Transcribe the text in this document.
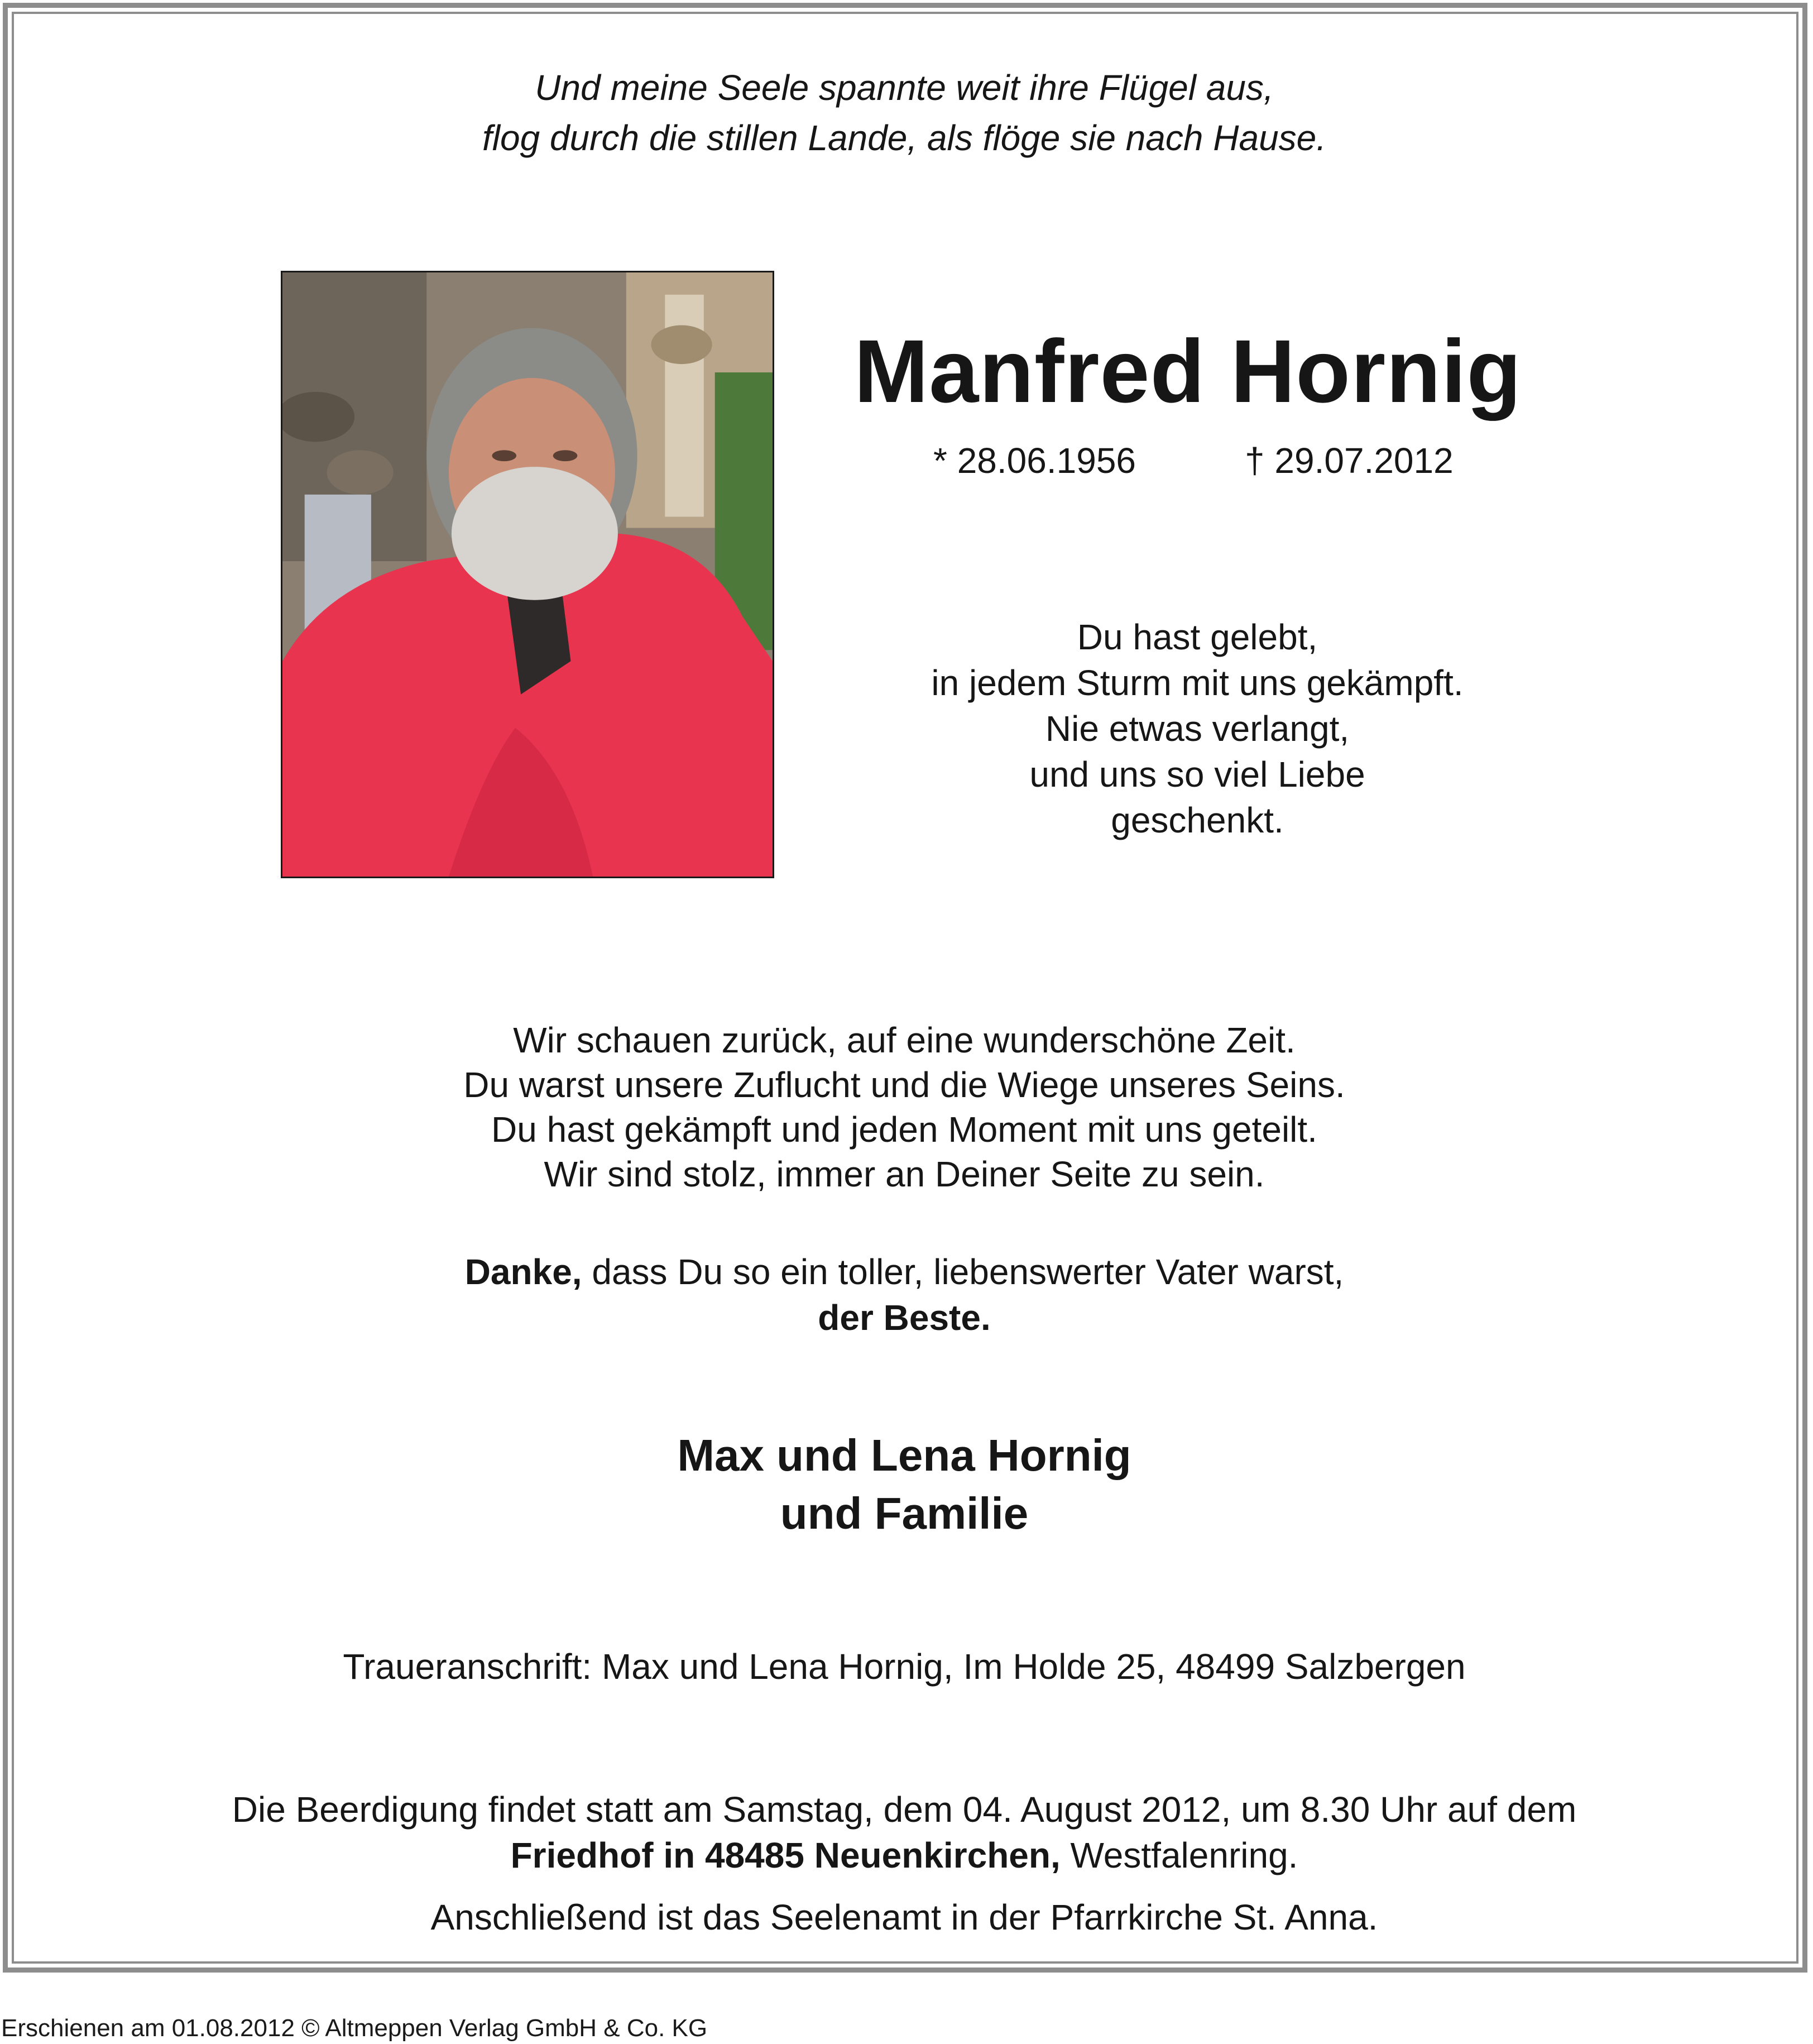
Und meine Seele spannte weit ihre Flügel aus,
flog durch die stillen Lande, als flöge sie nach Hause.
Manfred Hornig
* 28.06.1956	† 29.07.2012
Du hast gelebt,
in jedem Sturm mit uns gekämpft.
Nie etwas verlangt,
und uns so viel Liebe
geschenkt.
Wir schauen zurück, auf eine wunderschöne Zeit.
Du warst unsere Zuflucht und die Wiege unseres Seins.
Du hast gekämpft und jeden Moment mit uns geteilt.
Wir sind stolz, immer an Deiner Seite zu sein.
Danke, dass Du so ein toller, liebenswerter Vater warst,
der Beste.
Max und Lena Hornig
und Familie
Traueranschrift: Max und Lena Hornig, Im Holde 25, 48499 Salzbergen
Die Beerdigung findet statt am Samstag, dem 04. August 2012, um 8.30 Uhr auf dem
Friedhof in 48485 Neuenkirchen, Westfalenring.
Anschließend ist das Seelenamt in der Pfarrkirche St. Anna.
Erschienen am 01.08.2012 © Altmeppen Verlag GmbH & Co. KG
